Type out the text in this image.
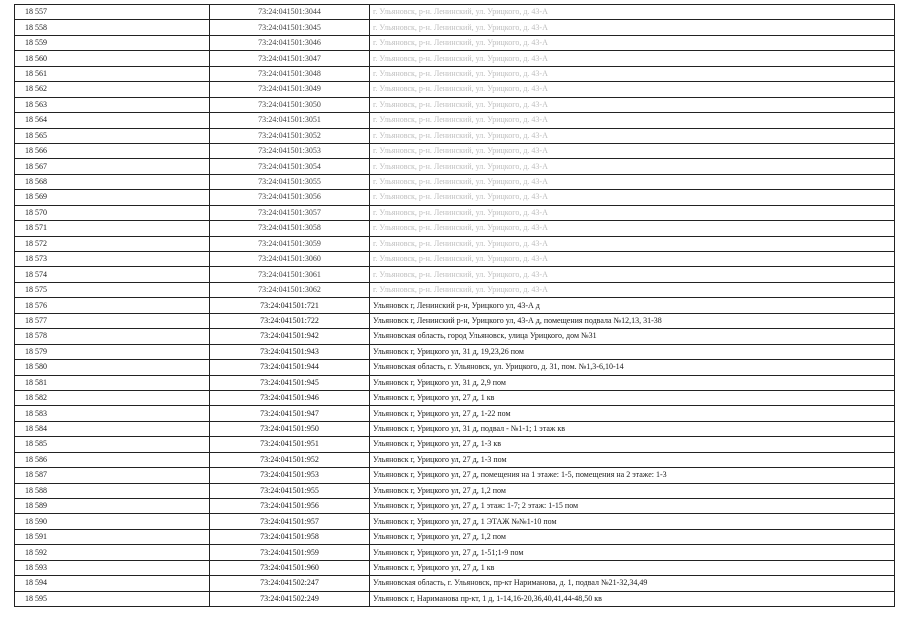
18 557	73:24:041501:3044	г. Ульяновск, р-н. Ленинский, ул. Урицкого, д. 43-А
18 558	73:24:041501:3045	г. Ульяновск, р-н. Ленинский, ул. Урицкого, д. 43-А
18 559	73:24:041501:3046	г. Ульяновск, р-н. Ленинский, ул. Урицкого, д. 43-А
18 560	73:24:041501:3047	г. Ульяновск, р-н. Ленинский, ул. Урицкого, д. 43-А
18 561	73:24:041501:3048	г. Ульяновск, р-н. Ленинский, ул. Урицкого, д. 43-А
18 562	73:24:041501:3049	г. Ульяновск, р-н. Ленинский, ул. Урицкого, д. 43-А
18 563	73:24:041501:3050	г. Ульяновск, р-н. Ленинский, ул. Урицкого, д. 43-А
18 564	73:24:041501:3051	г. Ульяновск, р-н. Ленинский, ул. Урицкого, д. 43-А
18 565	73:24:041501:3052	г. Ульяновск, р-н. Ленинский, ул. Урицкого, д. 43-А
18 566	73:24:041501:3053	г. Ульяновск, р-н. Ленинский, ул. Урицкого, д. 43-А
18 567	73:24:041501:3054	г. Ульяновск, р-н. Ленинский, ул. Урицкого, д. 43-А
18 568	73:24:041501:3055	г. Ульяновск, р-н. Ленинский, ул. Урицкого, д. 43-А
18 569	73:24:041501:3056	г. Ульяновск, р-н. Ленинский, ул. Урицкого, д. 43-А
18 570	73:24:041501:3057	г. Ульяновск, р-н. Ленинский, ул. Урицкого, д. 43-А
18 571	73:24:041501:3058	г. Ульяновск, р-н. Ленинский, ул. Урицкого, д. 43-А
18 572	73:24:041501:3059	г. Ульяновск, р-н. Ленинский, ул. Урицкого, д. 43-А
18 573	73:24:041501:3060	г. Ульяновск, р-н. Ленинский, ул. Урицкого, д. 43-А
18 574	73:24:041501:3061	г. Ульяновск, р-н. Ленинский, ул. Урицкого, д. 43-А
18 575	73:24:041501:3062	г. Ульяновск, р-н. Ленинский, ул. Урицкого, д. 43-А
18 576	73:24:041501:721	Ульяновск г, Ленинский р-н, Урицкого ул, 43-А д
18 577	73:24:041501:722	Ульяновск г, Ленинский р-н, Урицкого ул, 43-А д, помещения подвала №12,13, 31-38
18 578	73:24:041501:942	Ульяновская область, город Ульяновск, улица Урицкого, дом №31
18 579	73:24:041501:943	Ульяновск г, Урицкого ул, 31 д, 19,23,26 пом
18 580	73:24:041501:944	Ульяновская область, г. Ульяновск, ул. Урицкого, д. 31, пом. №1,3-6,10-14
18 581	73:24:041501:945	Ульяновск г, Урицкого ул, 31 д, 2,9 пом
18 582	73:24:041501:946	Ульяновск г, Урицкого ул, 27 д, 1 кв
18 583	73:24:041501:947	Ульяновск г, Урицкого ул, 27 д, 1-22 пом
18 584	73:24:041501:950	Ульяновск г, Урицкого ул, 31 д, подвал - №1-1; 1 этаж кв
18 585	73:24:041501:951	Ульяновск г, Урицкого ул, 27 д, 1-3 кв
18 586	73:24:041501:952	Ульяновск г, Урицкого ул, 27 д, 1-3 пом
18 587	73:24:041501:953	Ульяновск г, Урицкого ул, 27 д, помещения на 1 этаже: 1-5, помещения на 2 этаже: 1-3
18 588	73:24:041501:955	Ульяновск г, Урицкого ул, 27 д, 1,2 пом
18 589	73:24:041501:956	Ульяновск г, Урицкого ул, 27 д, 1 этаж: 1-7; 2 этаж: 1-15 пом
18 590	73:24:041501:957	Ульяновск г, Урицкого ул, 27 д, 1 ЭТАЖ №№1-10 пом
18 591	73:24:041501:958	Ульяновск г, Урицкого ул, 27 д, 1,2 пом
18 592	73:24:041501:959	Ульяновск г, Урицкого ул, 27 д, 1-51;1-9 пом
18 593	73:24:041501:960	Ульяновск г, Урицкого ул, 27 д, 1 кв
18 594	73:24:041502:247	Ульяновская область, г. Ульяновск, пр-кт Нариманова, д. 1, подвал №21-32,34,49
18 595	73:24:041502:249	Ульяновск г, Нариманова пр-кт, 1 д, 1-14,16-20,36,40,41,44-48,50 кв
